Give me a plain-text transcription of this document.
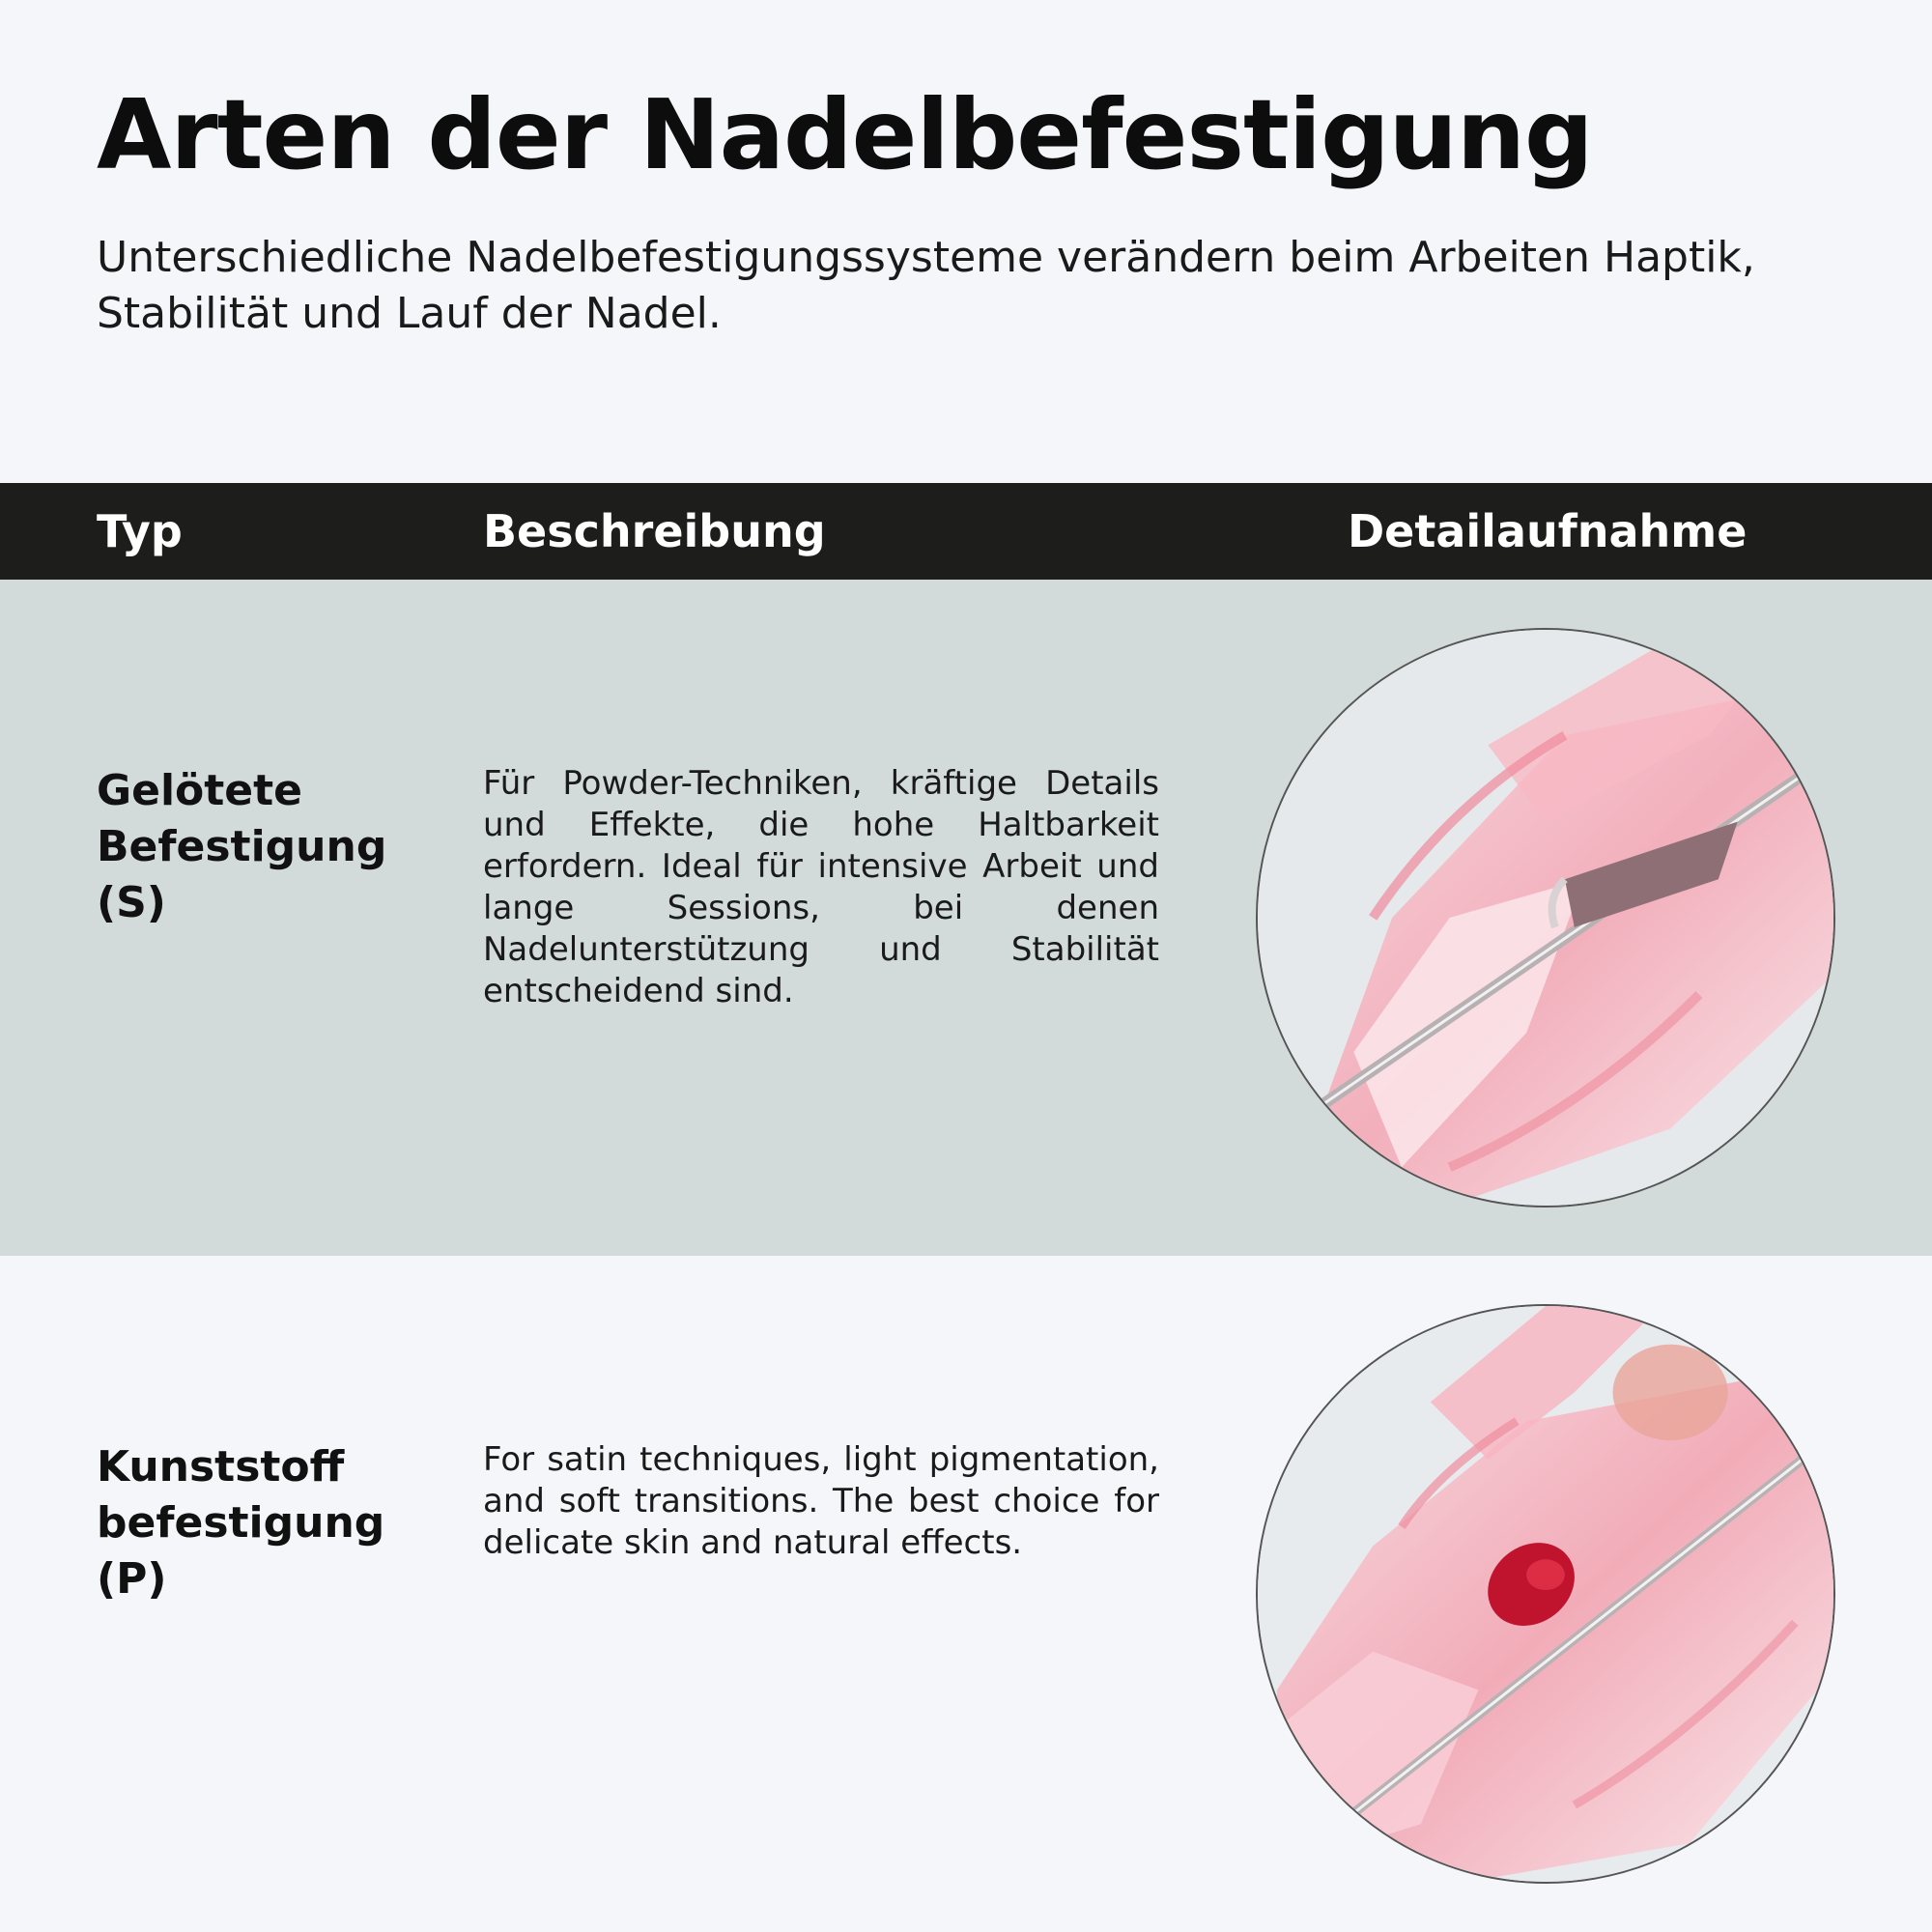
Arten der Nadelbefestigung

Unterschiedliche Nadelbefestigungssysteme verändern beim Arbeiten Haptik, Stabilität und Lauf der Nadel.

Typ	Beschreibung	Detailaufnahme
Gelötete Befestigung (S)
Für Powder-Techniken, kräftige Details und Effekte, die hohe Haltbarkeit erfordern. Ideal für intensive Arbeit und lange Sessions, bei denen Nadelunterstützung und Stabilität entscheidend sind.
Kunststoff befestigung (P)
For satin techniques, light pigmentation, and soft transitions. The best choice for delicate skin and natural effects.
